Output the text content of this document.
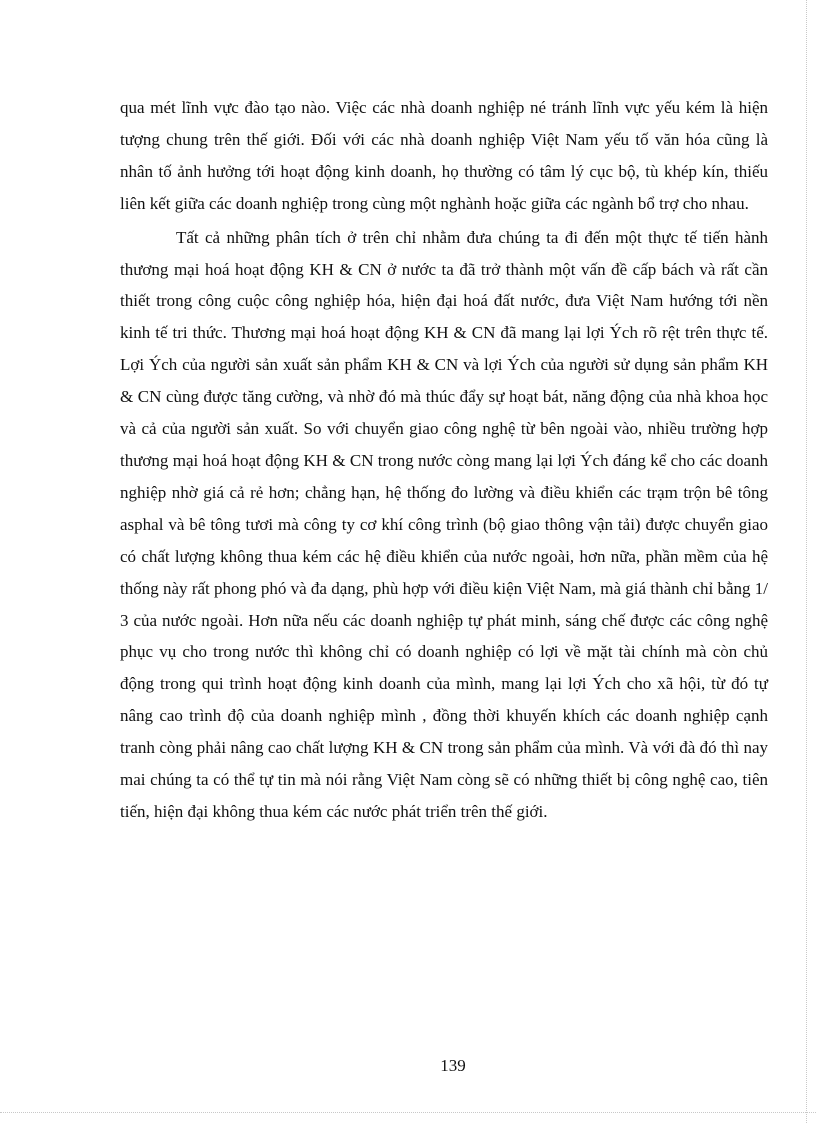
qua mét lĩnh vực đào tạo nào. Việc các nhà doanh nghiệp né tránh lĩnh vực yếu kém là hiện tượng chung trên thế giới. Đối với các nhà doanh nghiệp Việt Nam yếu tố văn hóa cũng là nhân tố ảnh hưởng tới hoạt động kinh doanh, họ thường có tâm lý cục bộ, tù khép kín, thiếu liên kết giữa các doanh nghiệp trong cùng một nghành hoặc giữa các ngành bổ trợ cho nhau.

Tất cả những phân tích ở trên chỉ nhằm đưa chúng ta đi đến một thực tế tiến hành thương mại hoá hoạt động KH & CN ở nước ta đã trở thành một vấn đề cấp bách và rất cần thiết trong công cuộc công nghiệp hóa, hiện đại hoá đất nước, đưa Việt Nam hướng tới nền kinh tế tri thức. Thương mại hoá hoạt động KH & CN đã mang lại lợi Ých rõ rệt trên thực tế. Lợi Ých của người sản xuất sản phẩm KH & CN và lợi Ých của người sử dụng sản phẩm KH & CN cùng được tăng cường, và nhờ đó mà thúc đẩy sự hoạt bát, năng động của nhà khoa học và cả của người sản xuất. So với chuyển giao công nghệ từ bên ngoài vào, nhiều trường hợp thương mại hoá hoạt động KH & CN trong nước còng mang lại lợi Ých đáng kể cho các doanh nghiệp nhờ giá cả rẻ hơn; chẳng hạn, hệ thống đo lường và điều khiển các trạm trộn bê tông asphal và bê tông tươi mà công ty cơ khí công trình (bộ giao thông vận tải) được chuyển giao có chất lượng không thua kém các hệ điều khiển của nước ngoài, hơn nữa, phần mềm của hệ thống này rất phong phó và đa dạng, phù hợp với điều kiện Việt Nam, mà giá thành chỉ bằng 1/ 3 của nước ngoài. Hơn nữa nếu các doanh nghiệp tự phát minh, sáng chế được các công nghệ phục vụ cho trong nước thì không chỉ có doanh nghiệp có lợi về mặt tài chính mà còn chủ động trong qui trình hoạt động kinh doanh của mình, mang lại lợi Ých cho xã hội, từ đó tự nâng cao trình độ của doanh nghiệp mình , đồng thời khuyến khích các doanh nghiệp cạnh tranh còng phải nâng cao chất lượng KH & CN trong sản phẩm của mình. Và với đà đó thì nay mai chúng ta có thể tự tin mà nói rằng Việt Nam còng sẽ có những thiết bị công nghệ cao, tiên tiến, hiện đại không thua kém các nước phát triển trên thế giới.

139
